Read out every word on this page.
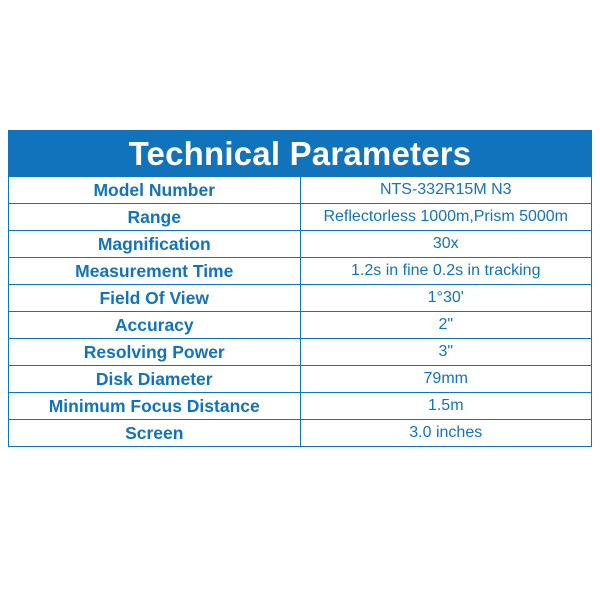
Technical Parameters	
Model Number	NTS-332R15M N3
Range	Reflectorless 1000m,Prism 5000m
Magnification	30x
Measurement Time	1.2s in fine 0.2s in tracking
Field Of View	1°30'
Accuracy	2"
Resolving Power	3"
Disk Diameter	79mm
Minimum Focus Distance	1.5m
Screen	3.0 inches
